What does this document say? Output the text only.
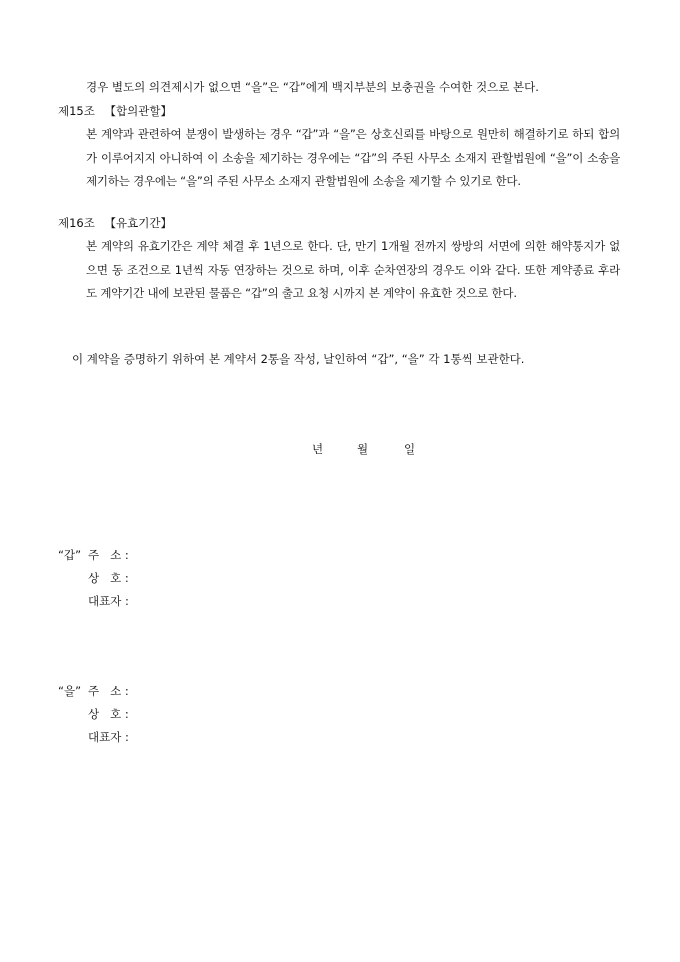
경우 별도의 의견제시가 없으면 “을”은 “갑”에게 백지부분의 보충권을 수여한 것으로 본다.
제15조 【합의관할】
본 계약과 관련하여 분쟁이 발생하는 경우 “갑”과 “을”은 상호신뢰를 바탕으로 원만히 해결하기로 하되 합의가 이루어지지 아니하여 이 소송을 제기하는 경우에는 “갑”의 주된 사무소 소재지 관할법원에 “을”이 소송을 제기하는 경우에는 “을”의 주된 사무소 소재지 관할법원에 소송을 제기할 수 있기로 한다.
제16조 【유효기간】
본 계약의 유효기간은 계약 체결 후 1년으로 한다. 단, 만기 1개월 전까지 쌍방의 서면에 의한 해약통지가 없으면 동 조건으로 1년씩 자동 연장하는 것으로 하며, 이후 순차연장의 경우도 이와 같다. 또한 계약종료 후라도 계약기간 내에 보관된 물품은 “갑”의 출고 요청 시까지 본 계약이 유효한 것으로 한다.
이 계약을 증명하기 위하여 본 계약서 2통을 작성, 날인하여 “갑”, “을” 각 1통씩 보관한다.
년	월	일
“갑” 주   소 :
상   호 :
대표자 :
“을” 주   소 :
상   호 :
대표자 :
